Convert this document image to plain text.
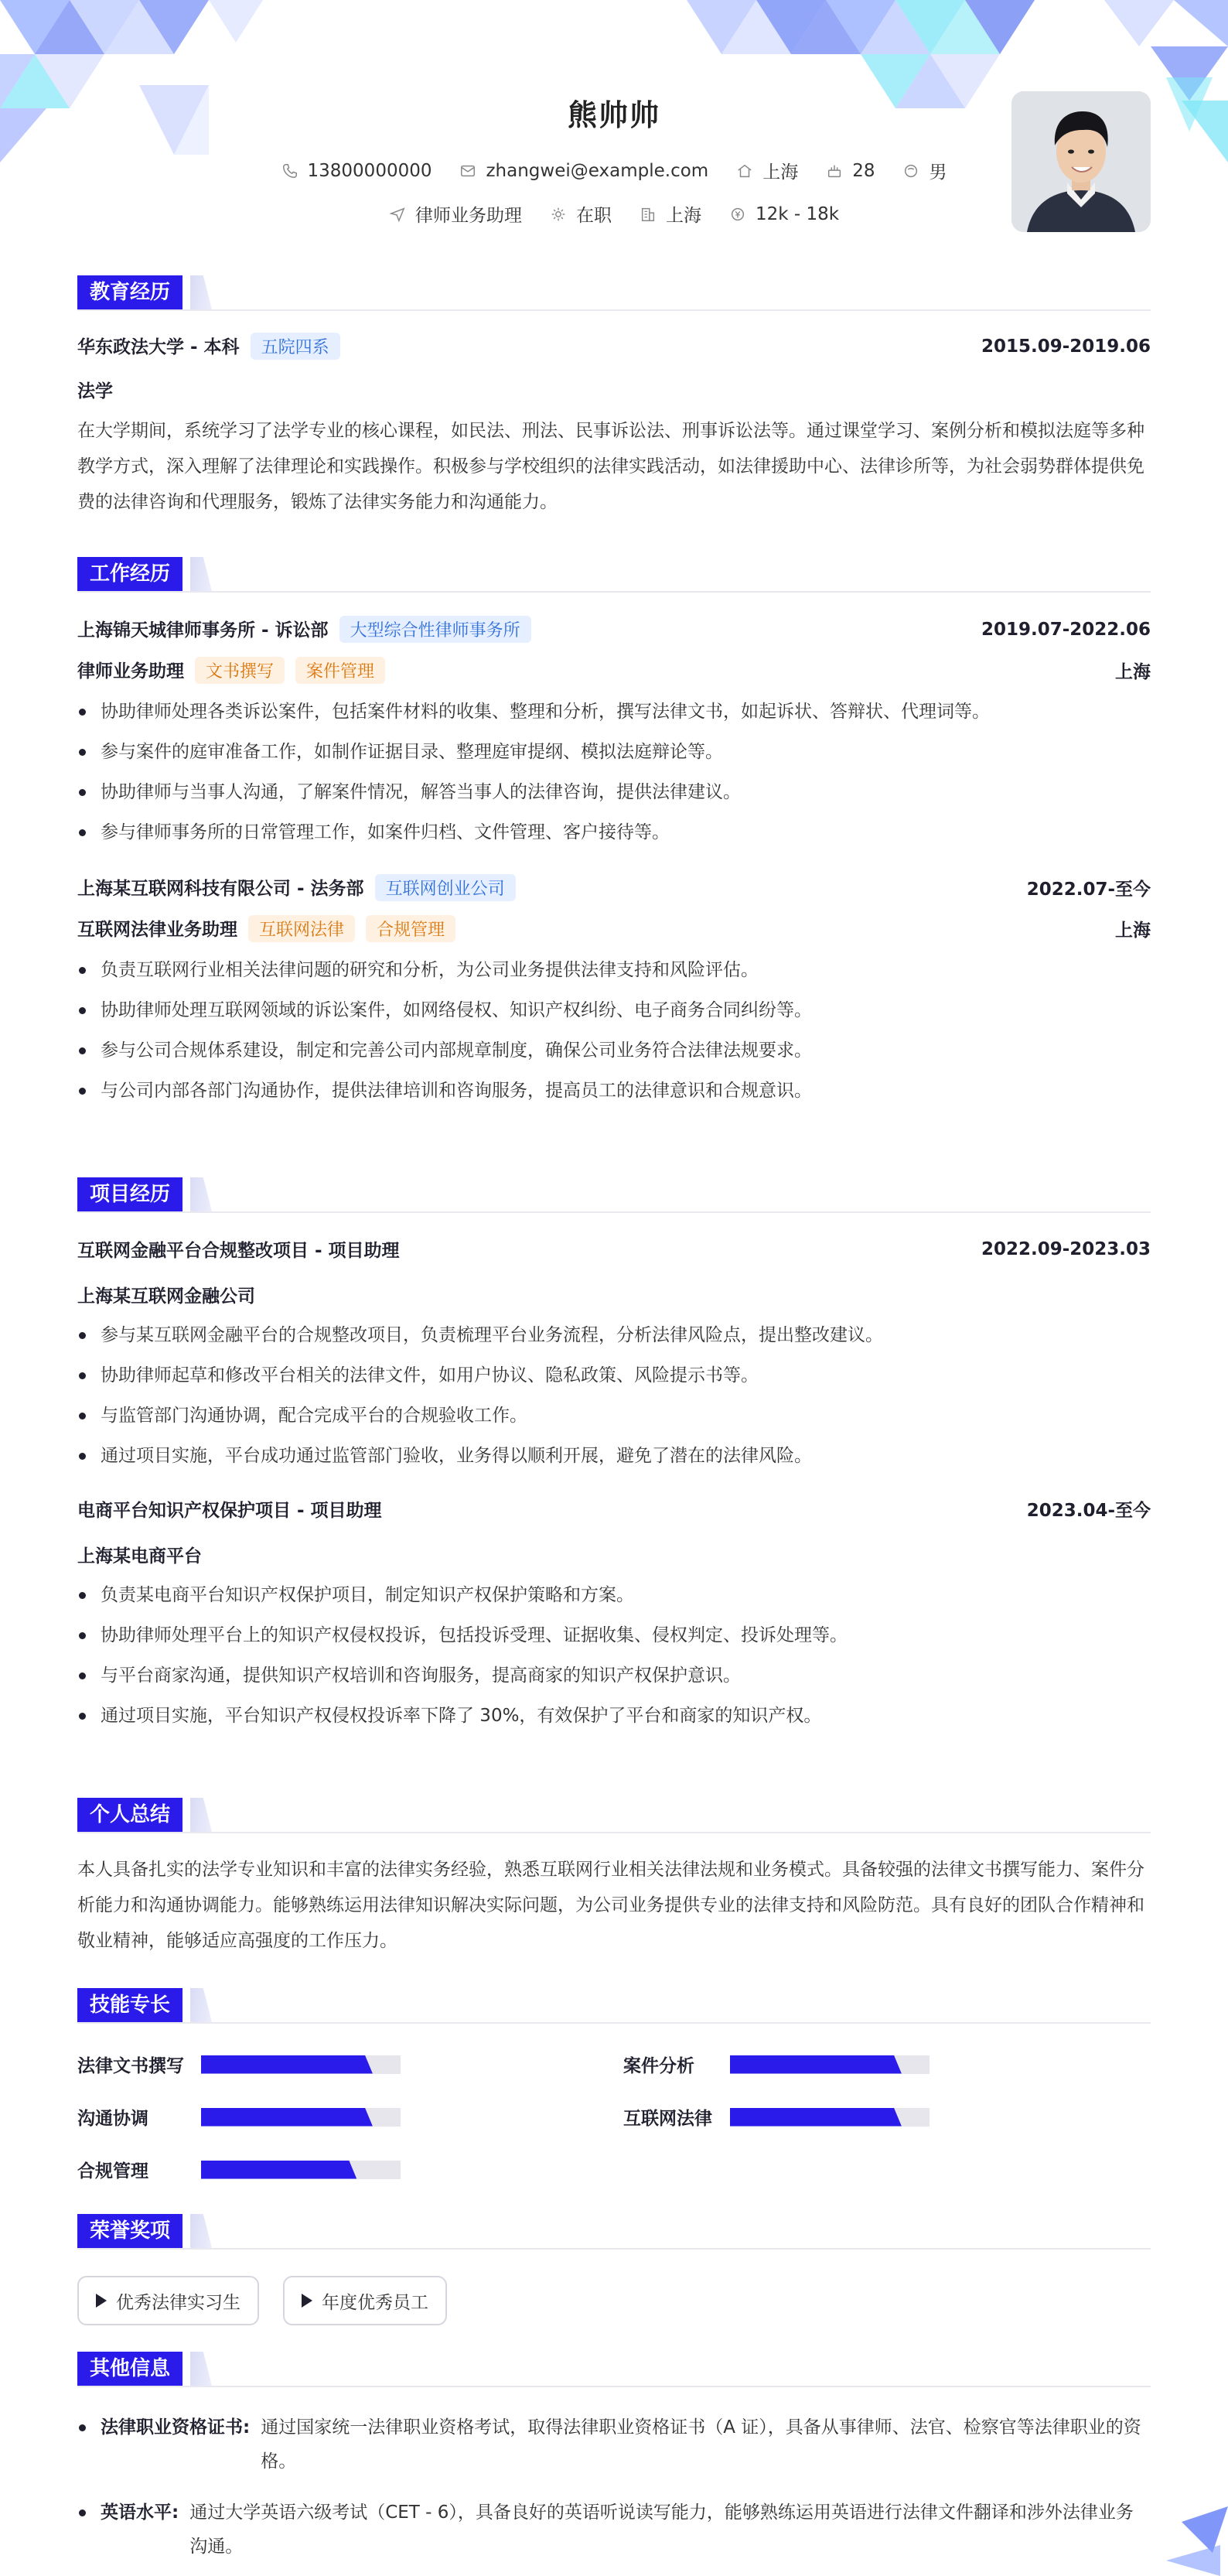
熊帅帅
13800000000	zhangwei@example.com	上海	28	男
律师业务助理	在职	上海	12k - 18k
教育经历
华东政法大学 - 本科 五院四系	2015.09-2019.06
法学
在大学期间，系统学习了法学专业的核心课程，如民法、刑法、民事诉讼法、刑事诉讼法等。通过课堂学习、案例分析和模拟法庭等多种教学方式，深入理解了法律理论和实践操作。积极参与学校组织的法律实践活动，如法律援助中心、法律诊所等，为社会弱势群体提供免费的法律咨询和代理服务，锻炼了法律实务能力和沟通能力。
工作经历
上海锦天城律师事务所 - 诉讼部 大型综合性律师事务所	2019.07-2022.06
律师业务助理 文书撰写 案件管理	上海
协助律师处理各类诉讼案件，包括案件材料的收集、整理和分析，撰写法律文书，如起诉状、答辩状、代理词等。
参与案件的庭审准备工作，如制作证据目录、整理庭审提纲、模拟法庭辩论等。
协助律师与当事人沟通，了解案件情况，解答当事人的法律咨询，提供法律建议。
参与律师事务所的日常管理工作，如案件归档、文件管理、客户接待等。
上海某互联网科技有限公司 - 法务部 互联网创业公司	2022.07-至今
互联网法律业务助理 互联网法律 合规管理	上海
负责互联网行业相关法律问题的研究和分析，为公司业务提供法律支持和风险评估。
协助律师处理互联网领域的诉讼案件，如网络侵权、知识产权纠纷、电子商务合同纠纷等。
参与公司合规体系建设，制定和完善公司内部规章制度，确保公司业务符合法律法规要求。
与公司内部各部门沟通协作，提供法律培训和咨询服务，提高员工的法律意识和合规意识。
项目经历
互联网金融平台合规整改项目 - 项目助理	2022.09-2023.03
上海某互联网金融公司
参与某互联网金融平台的合规整改项目，负责梳理平台业务流程，分析法律风险点，提出整改建议。
协助律师起草和修改平台相关的法律文件，如用户协议、隐私政策、风险提示书等。
与监管部门沟通协调，配合完成平台的合规验收工作。
通过项目实施，平台成功通过监管部门验收，业务得以顺利开展，避免了潜在的法律风险。
电商平台知识产权保护项目 - 项目助理	2023.04-至今
上海某电商平台
负责某电商平台知识产权保护项目，制定知识产权保护策略和方案。
协助律师处理平台上的知识产权侵权投诉，包括投诉受理、证据收集、侵权判定、投诉处理等。
与平台商家沟通，提供知识产权培训和咨询服务，提高商家的知识产权保护意识。
通过项目实施，平台知识产权侵权投诉率下降了 30%，有效保护了平台和商家的知识产权。
个人总结
本人具备扎实的法学专业知识和丰富的法律实务经验，熟悉互联网行业相关法律法规和业务模式。具备较强的法律文书撰写能力、案件分析能力和沟通协调能力。能够熟练运用法律知识解决实际问题，为公司业务提供专业的法律支持和风险防范。具有良好的团队合作精神和敬业精神，能够适应高强度的工作压力。
技能专长
法律文书撰写	案件分析
沟通协调	互联网法律
合规管理
荣誉奖项
优秀法律实习生	年度优秀员工
其他信息
法律职业资格证书: 通过国家统一法律职业资格考试，取得法律职业资格证书（A 证），具备从事律师、法官、检察官等法律职业的资格。
英语水平: 通过大学英语六级考试（CET - 6），具备良好的英语听说读写能力，能够熟练运用英语进行法律文件翻译和涉外法律业务沟通。
